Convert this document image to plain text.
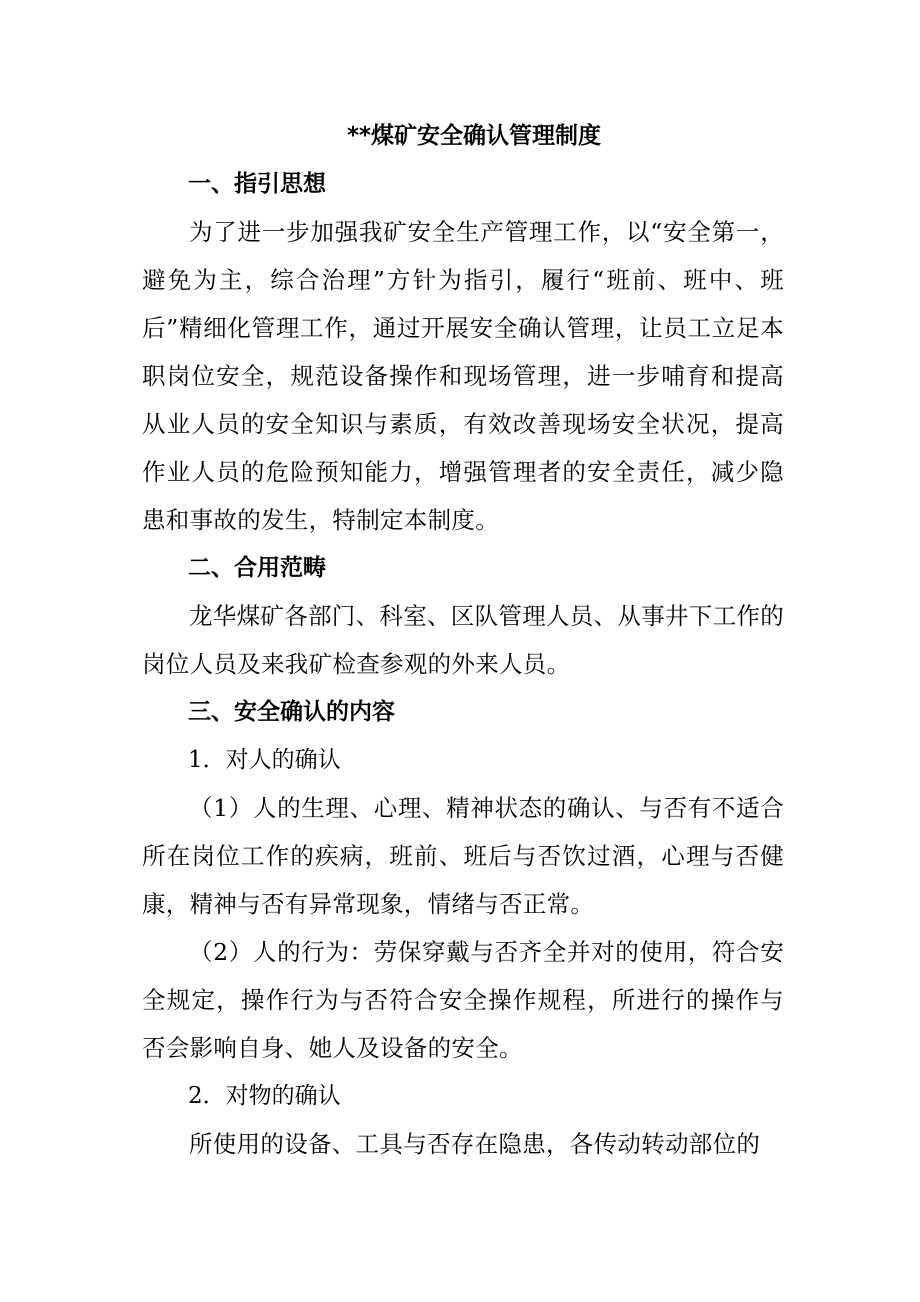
**煤矿安全确认管理制度

一、指引思想

为了进一步加强我矿安全生产管理工作，以“安全第一，避免为主，综合治理”方针为指引，履行“班前、班中、班后”精细化管理工作，通过开展安全确认管理，让员工立足本职岗位安全，规范设备操作和现场管理，进一步哺育和提高从业人员的安全知识与素质，有效改善现场安全状况，提高作业人员的危险预知能力，增强管理者的安全责任，减少隐患和事故的发生，特制定本制度。

二、合用范畴

龙华煤矿各部门、科室、区队管理人员、从事井下工作的岗位人员及来我矿检查参观的外来人员。

三、安全确认的内容

1．对人的确认

（1）人的生理、心理、精神状态的确认、与否有不适合所在岗位工作的疾病，班前、班后与否饮过酒，心理与否健康，精神与否有异常现象，情绪与否正常。

（2）人的行为：劳保穿戴与否齐全并对的使用，符合安全规定，操作行为与否符合安全操作规程，所进行的操作与否会影响自身、她人及设备的安全。

2．对物的确认

所使用的设备、工具与否存在隐患，各传动转动部位的
